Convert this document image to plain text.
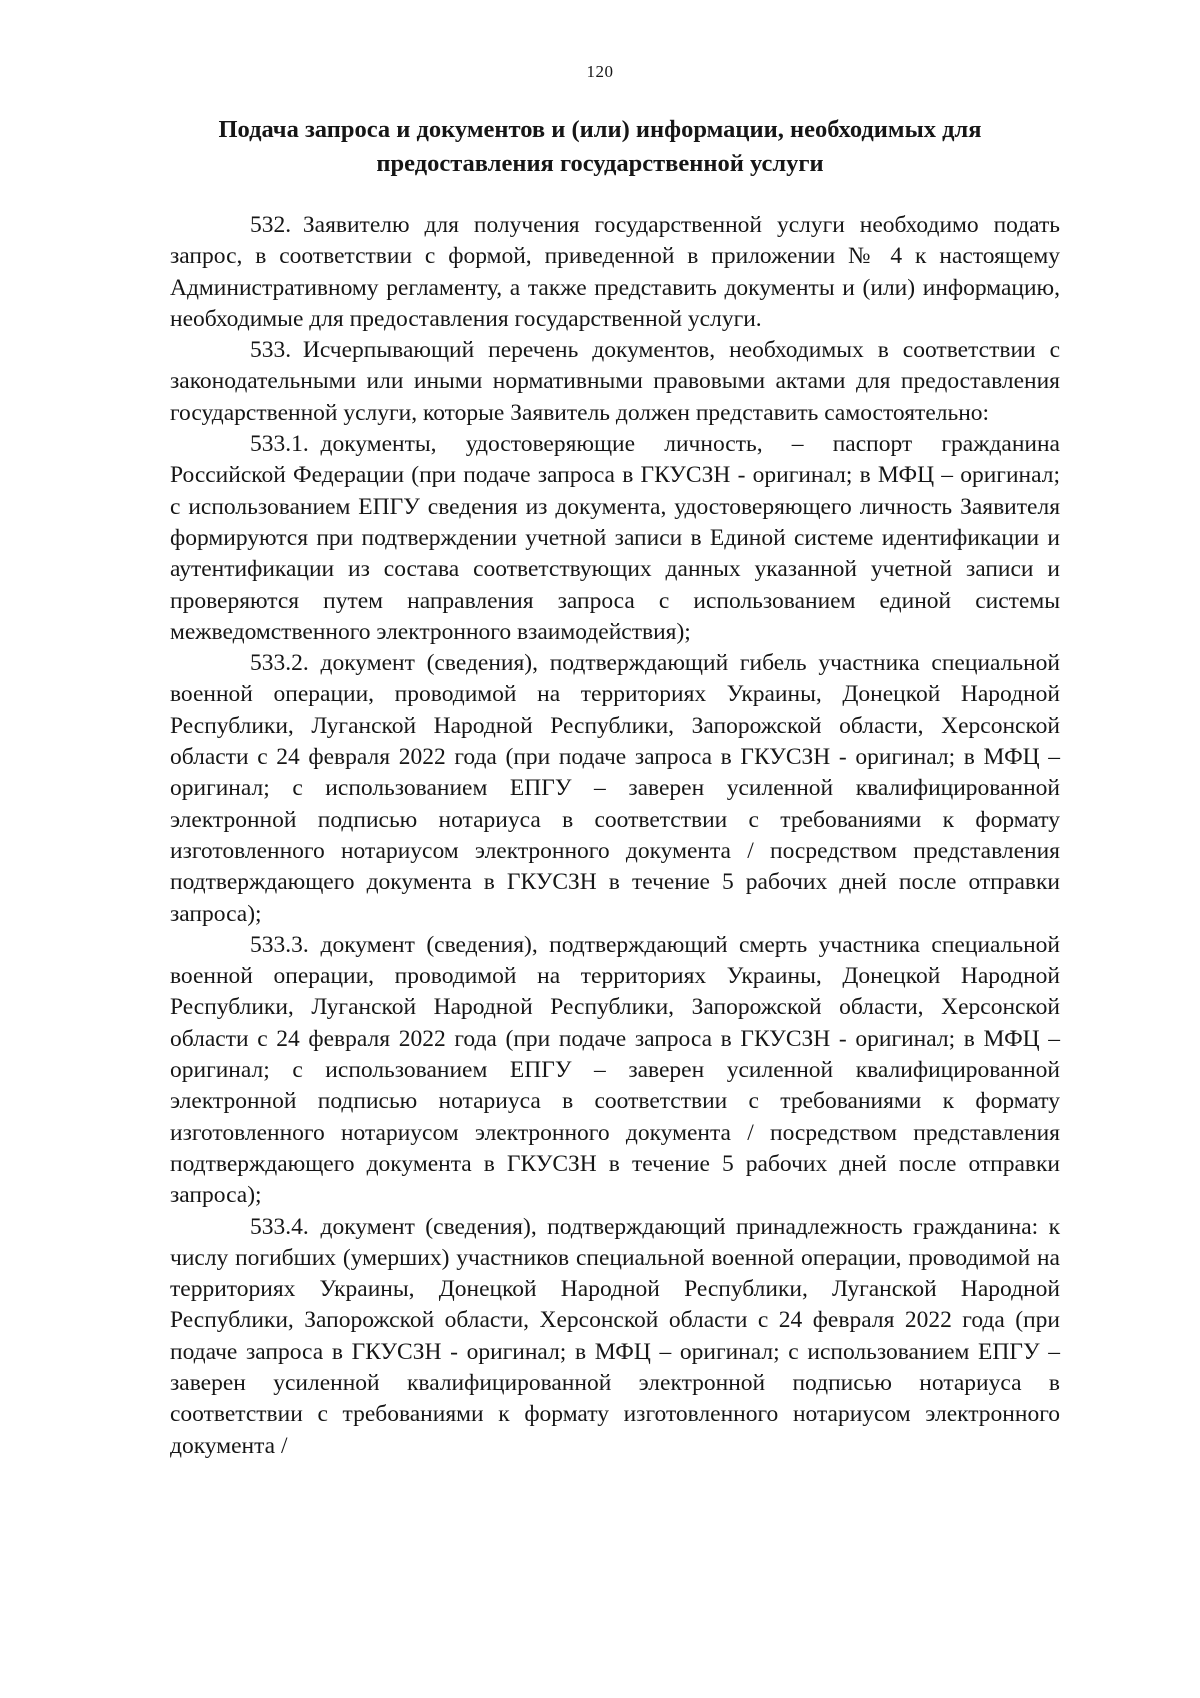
120
Подача запроса и документов и (или) информации, необходимых для предоставления государственной услуги

532. Заявителю для получения государственной услуги необходимо подать запрос, в соответствии с формой, приведенной в приложении № 4 к настоящему Административному регламенту, а также представить документы и (или) информацию, необходимые для предоставления государственной услуги.

533. Исчерпывающий перечень документов, необходимых в соответствии с законодательными или иными нормативными правовыми актами для предоставления государственной услуги, которые Заявитель должен представить самостоятельно:

533.1. документы, удостоверяющие личность, – паспорт гражданина Российской Федерации (при подаче запроса в ГКУСЗН - оригинал; в МФЦ – оригинал; с использованием ЕПГУ сведения из документа, удостоверяющего личность Заявителя формируются при подтверждении учетной записи в Единой системе идентификации и аутентификации из состава соответствующих данных указанной учетной записи и проверяются путем направления запроса с использованием единой системы межведомственного электронного взаимодействия);

533.2. документ (сведения), подтверждающий гибель участника специальной военной операции, проводимой на территориях Украины, Донецкой Народной Республики, Луганской Народной Республики, Запорожской области, Херсонской области с 24 февраля 2022 года (при подаче запроса в ГКУСЗН - оригинал; в МФЦ – оригинал; с использованием ЕПГУ – заверен усиленной квалифицированной электронной подписью нотариуса в соответствии с требованиями к формату изготовленного нотариусом электронного документа / посредством представления подтверждающего документа в ГКУСЗН в течение 5 рабочих дней после отправки запроса);

533.3. документ (сведения), подтверждающий смерть участника специальной военной операции, проводимой на территориях Украины, Донецкой Народной Республики, Луганской Народной Республики, Запорожской области, Херсонской области с 24 февраля 2022 года (при подаче запроса в ГКУСЗН - оригинал; в МФЦ – оригинал; с использованием ЕПГУ – заверен усиленной квалифицированной электронной подписью нотариуса в соответствии с требованиями к формату изготовленного нотариусом электронного документа / посредством представления подтверждающего документа в ГКУСЗН в течение 5 рабочих дней после отправки запроса);

533.4. документ (сведения), подтверждающий принадлежность гражданина: к числу погибших (умерших) участников специальной военной операции, проводимой на территориях Украины, Донецкой Народной Республики, Луганской Народной Республики, Запорожской области, Херсонской области с 24 февраля 2022 года (при подаче запроса в ГКУСЗН - оригинал; в МФЦ – оригинал; с использованием ЕПГУ – заверен усиленной квалифицированной электронной подписью нотариуса в соответствии с требованиями к формату изготовленного нотариусом электронного документа /
